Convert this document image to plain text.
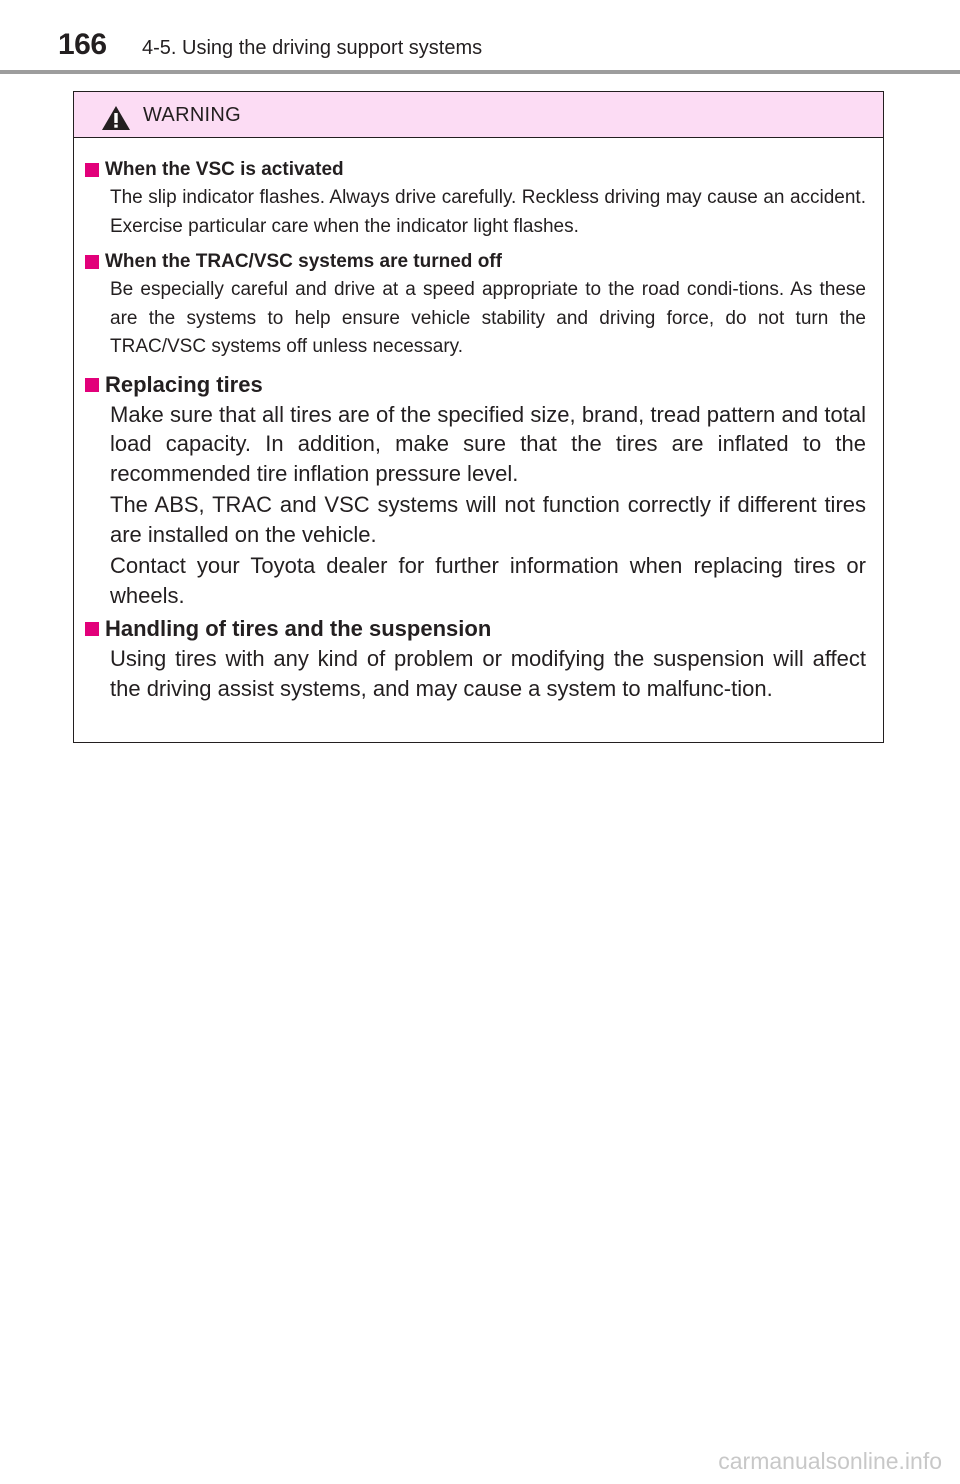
166 4-5. Using the driving support systems
WARNING
When the VSC is activated

The slip indicator flashes. Always drive carefully. Reckless driving may cause an accident. Exercise particular care when the indicator light flashes.

When the TRAC/VSC systems are turned off

Be especially careful and drive at a speed appropriate to the road condi-tions. As these are the systems to help ensure vehicle stability and driving force, do not turn the TRAC/VSC systems off unless necessary.

Replacing tires

Make sure that all tires are of the specified size, brand, tread pattern and total load capacity. In addition, make sure that the tires are inflated to the recommended tire inflation pressure level.

The ABS, TRAC and VSC systems will not function correctly if different tires are installed on the vehicle.

Contact your Toyota dealer for further information when replacing tires or wheels.

Handling of tires and the suspension

Using tires with any kind of problem or modifying the suspension will affect the driving assist systems, and may cause a system to malfunc-tion.

carmanualsonline.info
